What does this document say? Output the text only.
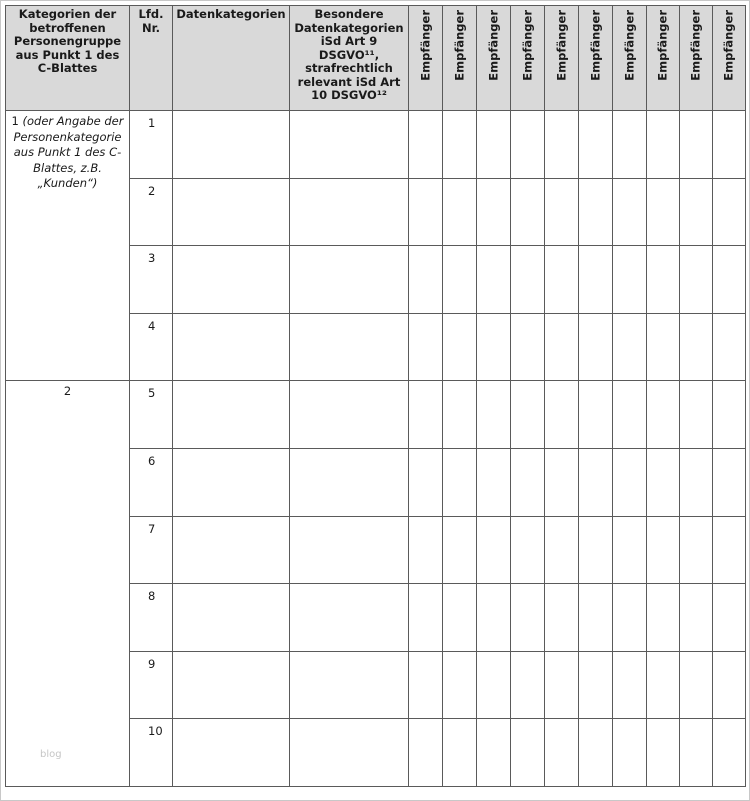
Kategorien der betroffenen Personengruppe aus Punkt 1 des C-Blattes	Lfd. Nr.	Datenkategorien	Besondere Datenkategorien iSd Art 9 DSGVO¹¹, strafrechtlich relevant iSd Art 10 DSGVO¹²	Empfänger	Empfänger	Empfänger	Empfänger	Empfänger	Empfänger	Empfänger	Empfänger	Empfänger	Empfänger

1 (oder Angabe der Personenkategorie aus Punkt 1 des C-Blattes, z.B. „Kunden“)	1												
	2												
	3												
	4												
2	5												
	6												
	7												
	8												
	9												
	10												
blog
